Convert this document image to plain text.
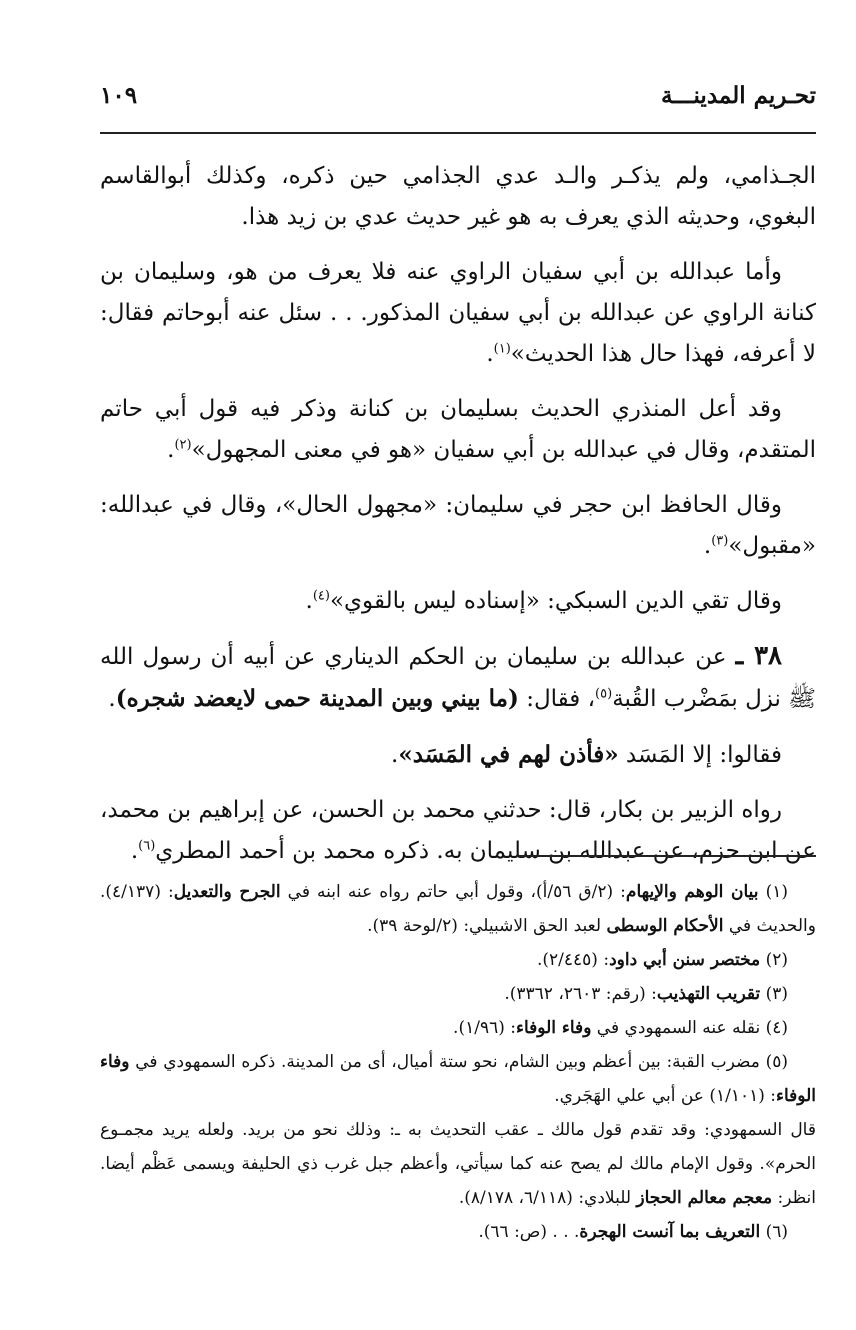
تحـريم المدينـــة
١٠٩

الجـذامي، ولم يذكـر والـد عدي الجذامي حين ذكره، وكذلك أبوالقاسم البغوي، وحديثه الذي يعرف به هو غير حديث عدي بن زيد هذا.

وأما عبدالله بن أبي سفيان الراوي عنه فلا يعرف من هو، وسليمان بن كنانة الراوي عن عبدالله بن أبي سفيان المذكور. . . سئل عنه أبوحاتم فقال: لا أعرفه، فهذا حال هذا الحديث»$^{(١)}$.

وقد أعل المنذري الحديث بسليمان بن كنانة وذكر فيه قول أبي حاتم المتقدم، وقال في عبدالله بن أبي سفيان «هو في معنى المجهول»$^{(٢)}$.

وقال الحافظ ابن حجر في سليمان: «مجهول الحال»، وقال في عبدالله: «مقبول»$^{(٣)}$.

وقال تقي الدين السبكي: «إسناده ليس بالقوي»$^{(٤)}$.

٣٨ ـ عن عبدالله بن سليمان بن الحكم الديناري عن أبيه أن رسول الله ﷺ نزل بمَضْرب القُبة$^{(٥)}$، فقال: (ما بيني وبين المدينة حمى لايعضد شجره).

فقالوا: إلا المَسَد «فأذن لهم في المَسَد».

رواه الزبير بن بكار، قال: حدثني محمد بن الحسن، عن إبراهيم بن محمد، عن ابن حزم، عن عبدالله بن سليمان به. ذكره محمد بن أحمد المطري$^{(٦)}$.

(١) بيان الوهم والإيهام: (٢/ق ٥٦/أ)، وقول أبي حاتم رواه عنه ابنه في الجرح والتعديل: (٤/١٣٧). والحديث في الأحكام الوسطى لعبد الحق الاشبيلي: (٢/لوحة ٣٩).

(٢) مختصر سنن أبي داود: (٢/٤٤٥).

(٣) تقريب التهذيب: (رقم: ٢٦٠٣، ٣٣٦٢).

(٤) نقله عنه السمهودي في وفاء الوفاء: (١/٩٦).

(٥) مضرب القبة: بين أعظم وبين الشام، نحو ستة أميال، أى من المدينة. ذكره السمهودي في وفاء الوفاء: (١/١٠١) عن أبي علي الهَجَري.

قال السمهودي: وقد تقدم قول مالك ـ عقب التحديث به ـ: وذلك نحو من بريد. ولعله يريد مجمـوع الحرم». وقول الإمام مالك لم يصح عنه كما سيأتي، وأعظم جبل غرب ذي الحليفة ويسمى عَظْم أيضا. انظر: معجم معالم الحجاز للبلادي: (٦/١١٨، ٨/١٧٨).

(٦) التعريف بما آنست الهجرة. . . (ص: ٦٦).
